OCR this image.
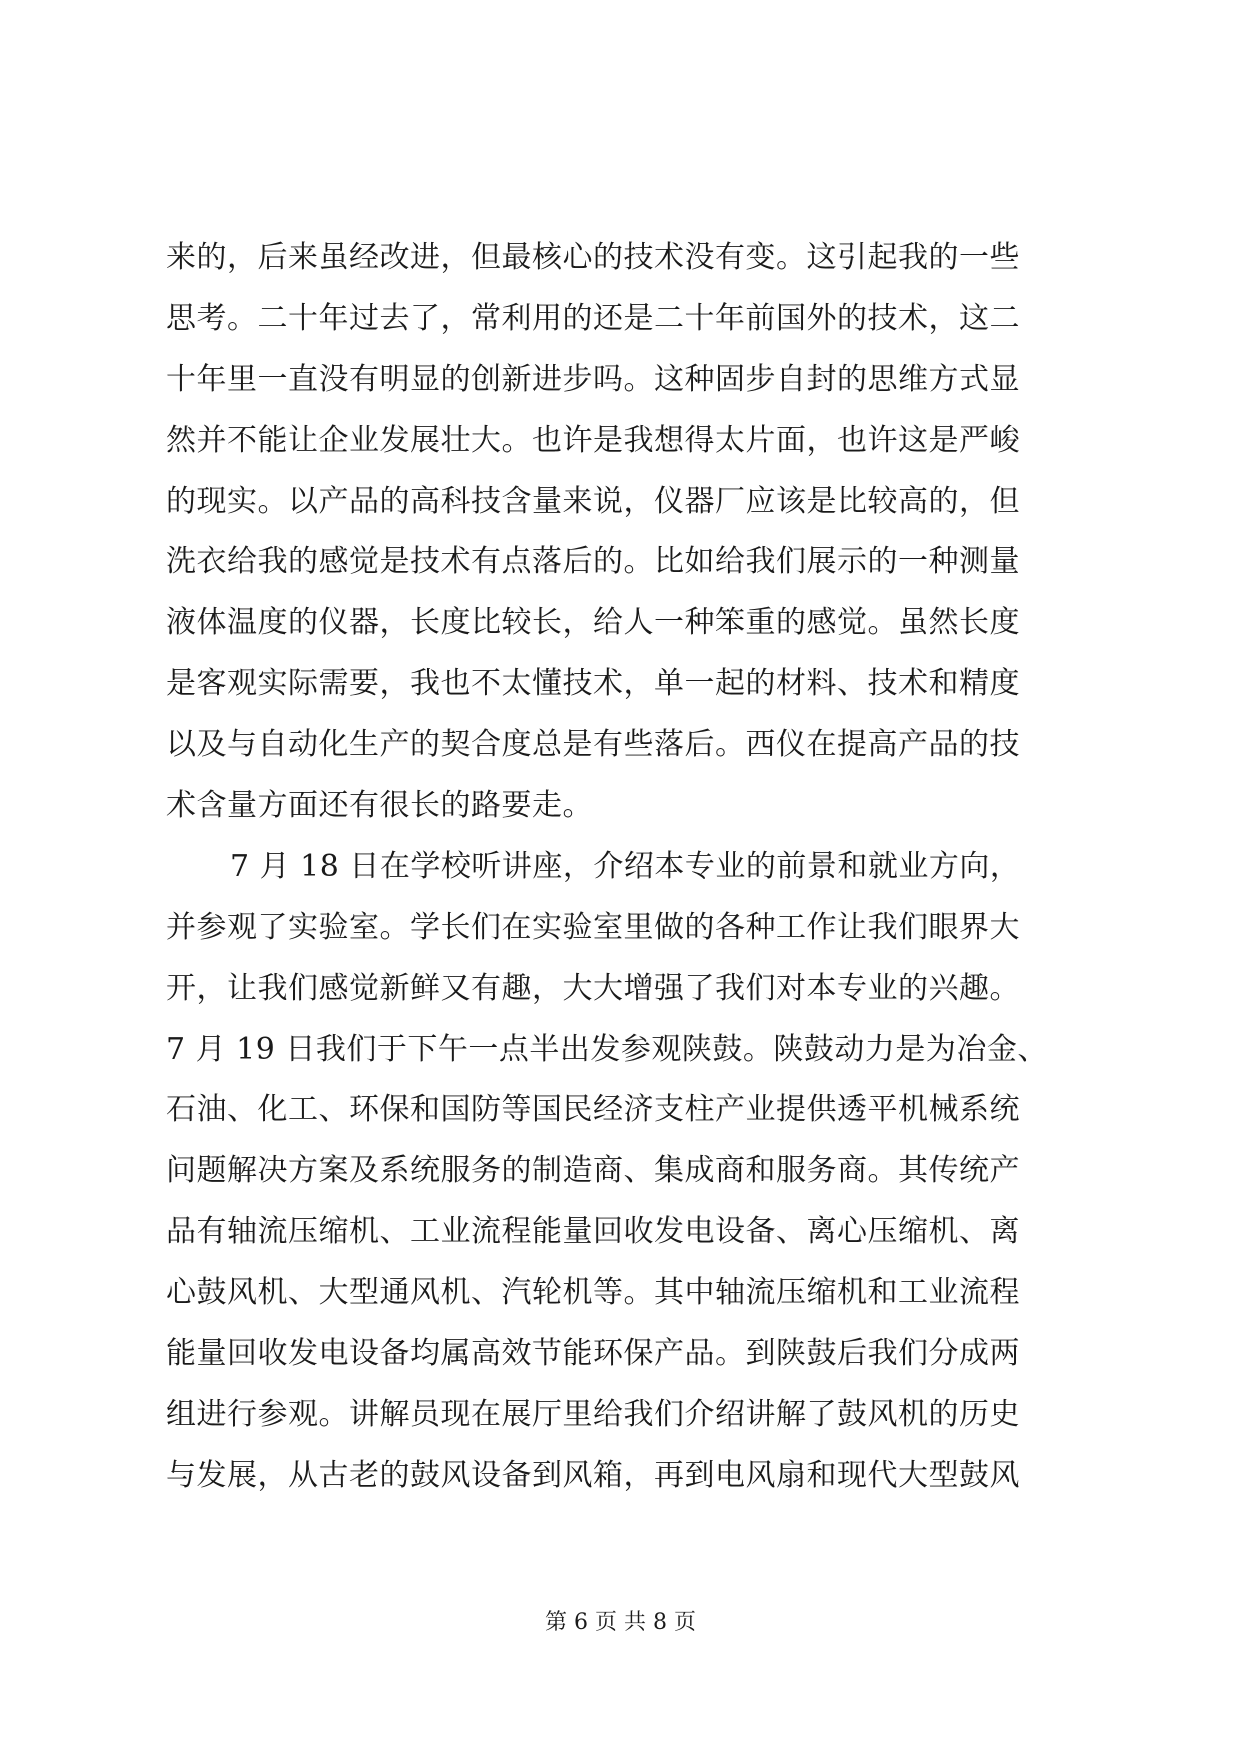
来的，后来虽经改进，但最核心的技术没有变。这引起我的一些
思考。二十年过去了，常利用的还是二十年前国外的技术，这二
十年里一直没有明显的创新进步吗。这种固步自封的思维方式显
然并不能让企业发展壮大。也许是我想得太片面，也许这是严峻
的现实。以产品的高科技含量来说，仪器厂应该是比较高的，但
洗衣给我的感觉是技术有点落后的。比如给我们展示的一种测量
液体温度的仪器，长度比较长，给人一种笨重的感觉。虽然长度
是客观实际需要，我也不太懂技术，单一起的材料、技术和精度
以及与自动化生产的契合度总是有些落后。西仪在提高产品的技
术含量方面还有很长的路要走。
7 月 18 日在学校听讲座，介绍本专业的前景和就业方向，
并参观了实验室。学长们在实验室里做的各种工作让我们眼界大
开，让我们感觉新鲜又有趣，大大增强了我们对本专业的兴趣。
7 月 19 日我们于下午一点半出发参观陕鼓。陕鼓动力是为冶金、
石油、化工、环保和国防等国民经济支柱产业提供透平机械系统
问题解决方案及系统服务的制造商、集成商和服务商。其传统产
品有轴流压缩机、工业流程能量回收发电设备、离心压缩机、离
心鼓风机、大型通风机、汽轮机等。其中轴流压缩机和工业流程
能量回收发电设备均属高效节能环保产品。到陕鼓后我们分成两
组进行参观。讲解员现在展厅里给我们介绍讲解了鼓风机的历史
与发展，从古老的鼓风设备到风箱，再到电风扇和现代大型鼓风
第 6 页 共 8 页
